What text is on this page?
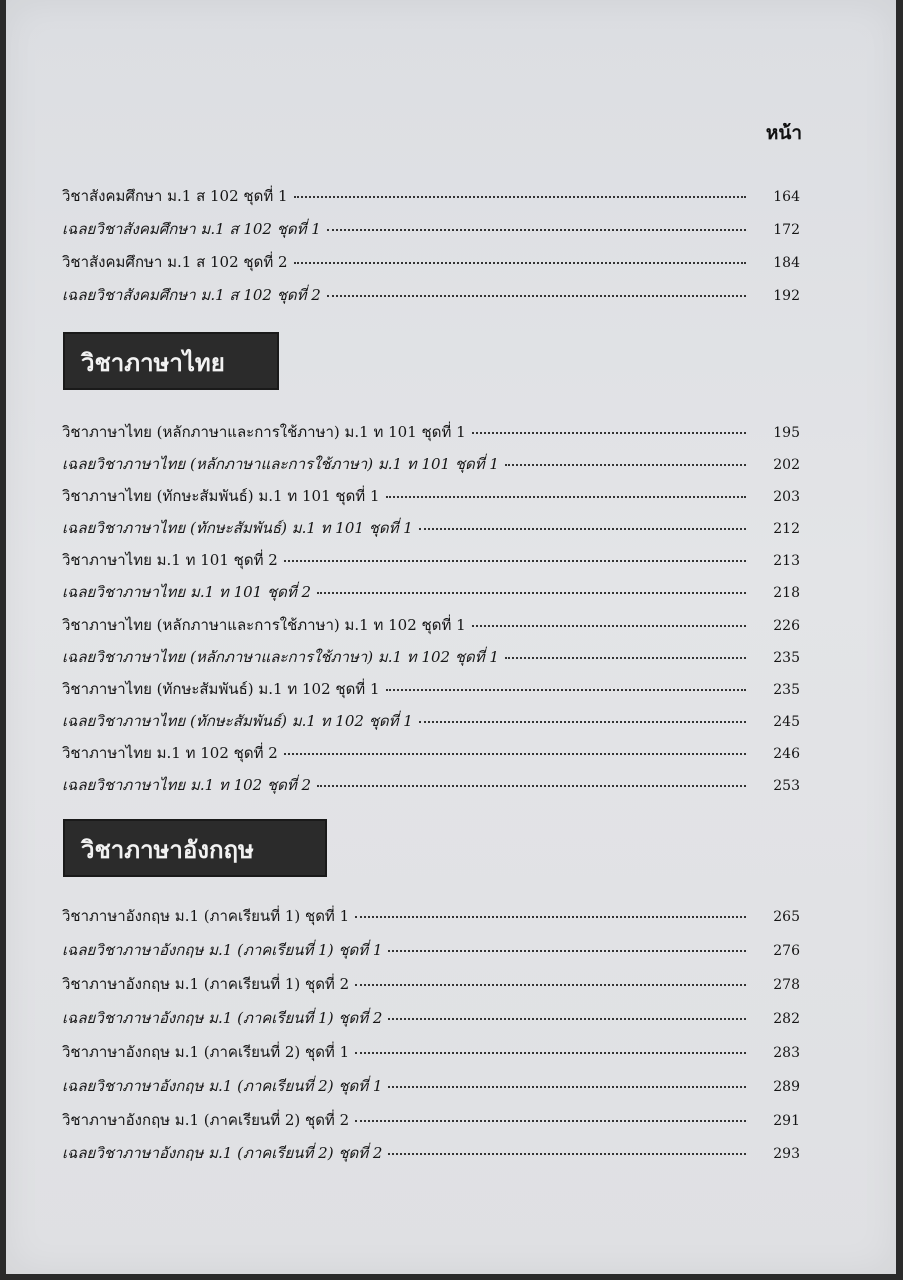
หน้า
วิชาสังคมศึกษา ม.1 ส 102 ชุดที่ 1	164
เฉลยวิชาสังคมศึกษา ม.1 ส 102 ชุดที่ 1	172
วิชาสังคมศึกษา ม.1 ส 102 ชุดที่ 2	184
เฉลยวิชาสังคมศึกษา ม.1 ส 102 ชุดที่ 2	192
วิชาภาษาไทย
วิชาภาษาไทย (หลักภาษาและการใช้ภาษา) ม.1 ท 101 ชุดที่ 1	195
เฉลยวิชาภาษาไทย (หลักภาษาและการใช้ภาษา) ม.1 ท 101 ชุดที่ 1	202
วิชาภาษาไทย (ทักษะสัมพันธ์) ม.1 ท 101 ชุดที่ 1	203
เฉลยวิชาภาษาไทย (ทักษะสัมพันธ์) ม.1 ท 101 ชุดที่ 1	212
วิชาภาษาไทย ม.1 ท 101 ชุดที่ 2	213
เฉลยวิชาภาษาไทย ม.1 ท 101 ชุดที่ 2	218
วิชาภาษาไทย (หลักภาษาและการใช้ภาษา) ม.1 ท 102 ชุดที่ 1	226
เฉลยวิชาภาษาไทย (หลักภาษาและการใช้ภาษา) ม.1 ท 102 ชุดที่ 1	235
วิชาภาษาไทย (ทักษะสัมพันธ์) ม.1 ท 102 ชุดที่ 1	235
เฉลยวิชาภาษาไทย (ทักษะสัมพันธ์) ม.1 ท 102 ชุดที่ 1	245
วิชาภาษาไทย ม.1 ท 102 ชุดที่ 2	246
เฉลยวิชาภาษาไทย ม.1 ท 102 ชุดที่ 2	253
วิชาภาษาอังกฤษ
วิชาภาษาอังกฤษ ม.1 (ภาคเรียนที่ 1) ชุดที่ 1	265
เฉลยวิชาภาษาอังกฤษ ม.1 (ภาคเรียนที่ 1) ชุดที่ 1	276
วิชาภาษาอังกฤษ ม.1 (ภาคเรียนที่ 1) ชุดที่ 2	278
เฉลยวิชาภาษาอังกฤษ ม.1 (ภาคเรียนที่ 1) ชุดที่ 2	282
วิชาภาษาอังกฤษ ม.1 (ภาคเรียนที่ 2) ชุดที่ 1	283
เฉลยวิชาภาษาอังกฤษ ม.1 (ภาคเรียนที่ 2) ชุดที่ 1	289
วิชาภาษาอังกฤษ ม.1 (ภาคเรียนที่ 2) ชุดที่ 2	291
เฉลยวิชาภาษาอังกฤษ ม.1 (ภาคเรียนที่ 2) ชุดที่ 2	293
